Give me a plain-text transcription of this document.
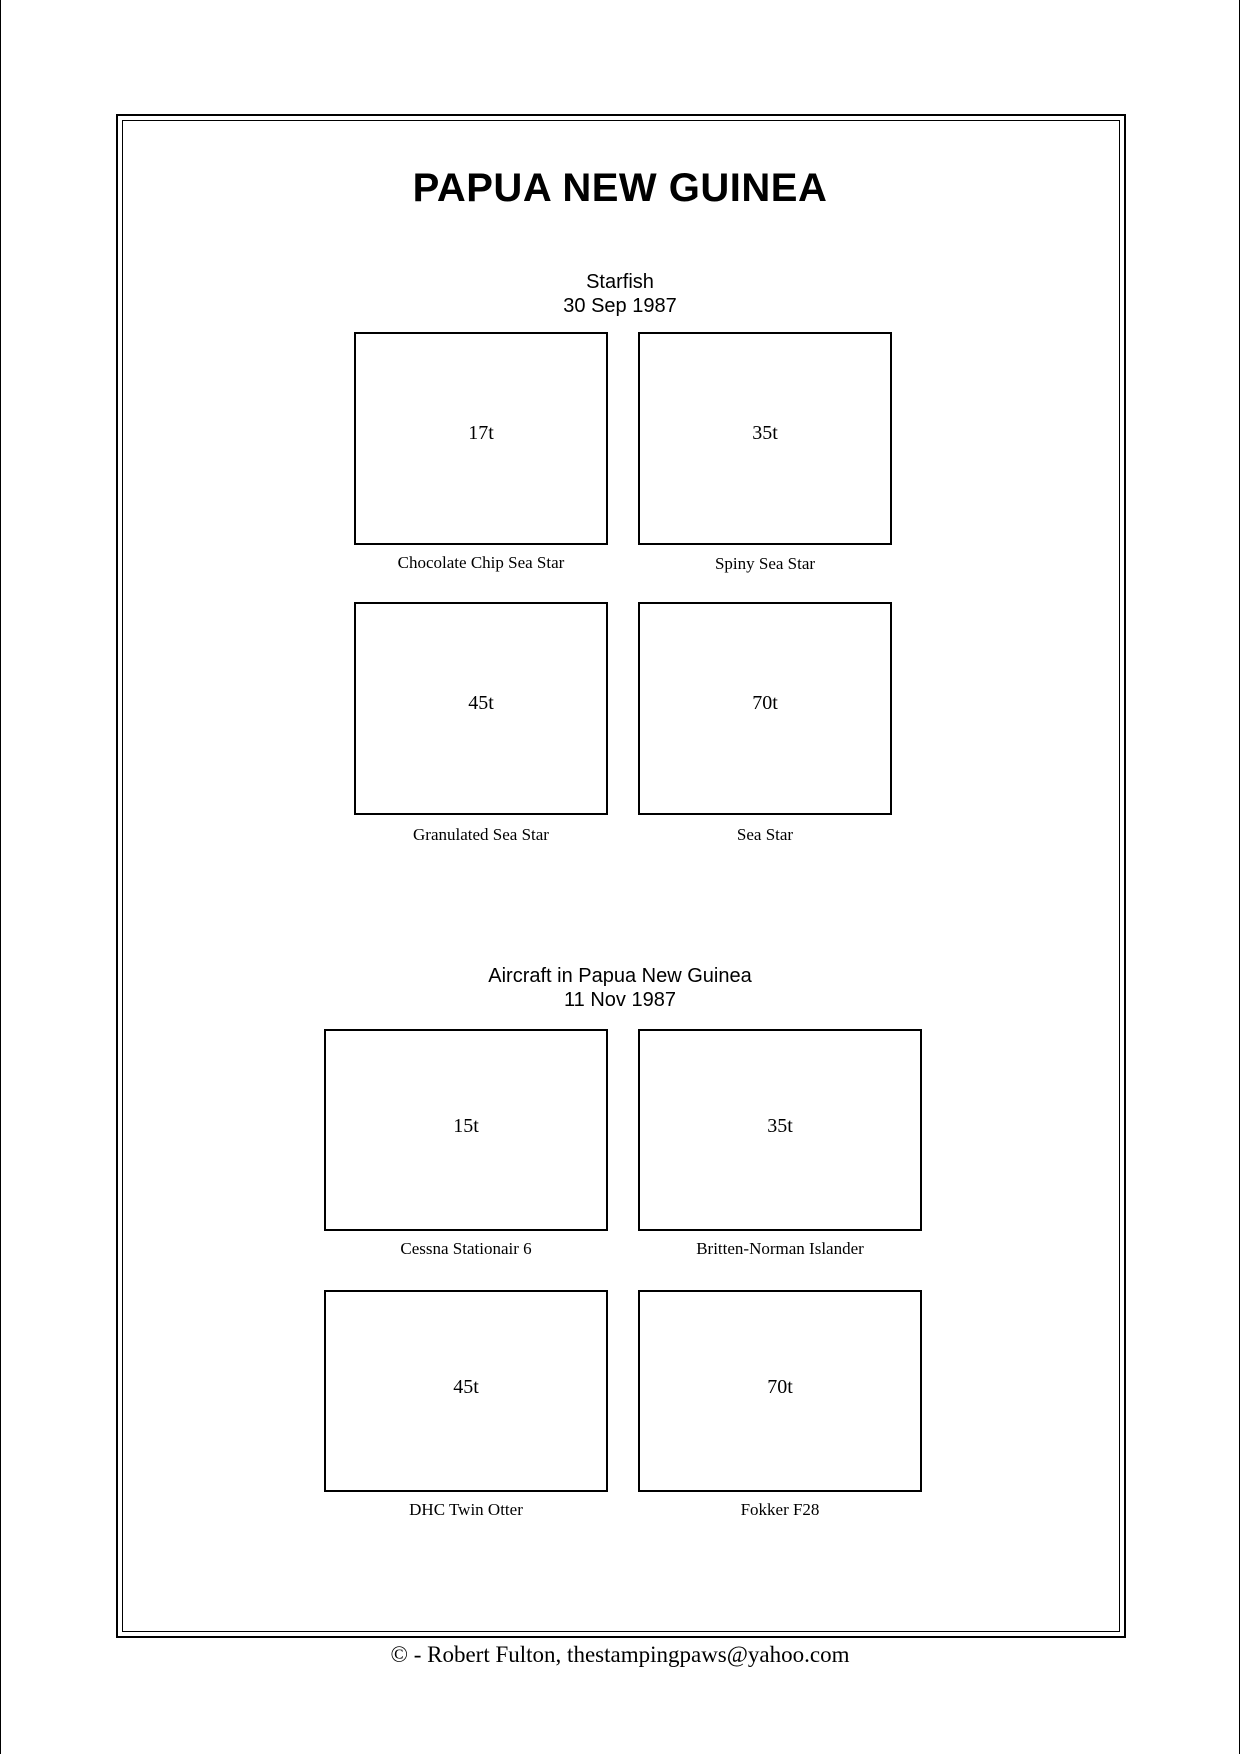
PAPUA NEW GUINEA
Starfish
30 Sep 1987
17t
Chocolate Chip Sea Star
35t
Spiny Sea Star
45t
Granulated Sea Star
70t
Sea Star
Aircraft in Papua New Guinea
11 Nov 1987
15t
Cessna Stationair 6
35t
Britten-Norman Islander
45t
DHC Twin Otter
70t
Fokker F28
© - Robert Fulton, thestampingpaws@yahoo.com
